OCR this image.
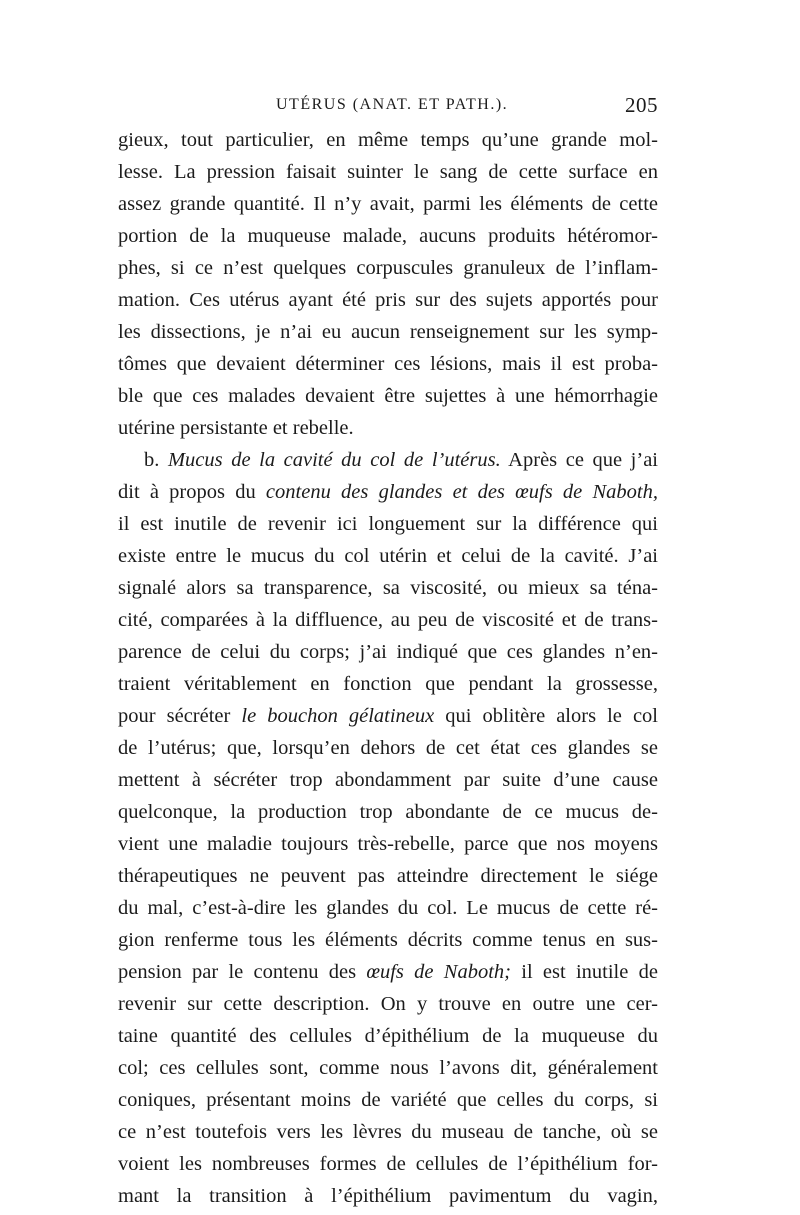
UTÉRUS (ANAT. ET PATH.).	205
gieux, tout particulier, en même temps qu’une grande mol-
lesse. La pression faisait suinter le sang de cette surface en
assez grande quantité. Il n’y avait, parmi les éléments de cette
portion de la muqueuse malade, aucuns produits hétéromor-
phes, si ce n’est quelques corpuscules granuleux de l’inflam-
mation. Ces utérus ayant été pris sur des sujets apportés pour
les dissections, je n’ai eu aucun renseignement sur les symp-
tômes que devaient déterminer ces lésions, mais il est proba-
ble que ces malades devaient être sujettes à une hémorrhagie
utérine persistante et rebelle.
b. Mucus de la cavité du col de l’utérus. Après ce que j’ai
dit à propos du contenu des glandes et des œufs de Naboth,
il est inutile de revenir ici longuement sur la différence qui
existe entre le mucus du col utérin et celui de la cavité. J’ai
signalé alors sa transparence, sa viscosité, ou mieux sa téna-
cité, comparées à la diffluence, au peu de viscosité et de trans-
parence de celui du corps; j’ai indiqué que ces glandes n’en-
traient véritablement en fonction que pendant la grossesse,
pour sécréter le bouchon gélatineux qui oblitère alors le col
de l’utérus; que, lorsqu’en dehors de cet état ces glandes se
mettent à sécréter trop abondamment par suite d’une cause
quelconque, la production trop abondante de ce mucus de-
vient une maladie toujours très-rebelle, parce que nos moyens
thérapeutiques ne peuvent pas atteindre directement le siége
du mal, c’est-à-dire les glandes du col. Le mucus de cette ré-
gion renferme tous les éléments décrits comme tenus en sus-
pension par le contenu des œufs de Naboth; il est inutile de
revenir sur cette description. On y trouve en outre une cer-
taine quantité des cellules d’épithélium de la muqueuse du
col; ces cellules sont, comme nous l’avons dit, généralement
coniques, présentant moins de variété que celles du corps, si
ce n’est toutefois vers les lèvres du museau de tanche, où se
voient les nombreuses formes de cellules de l’épithélium for-
mant la transition à l’épithélium pavimentum du vagin,
